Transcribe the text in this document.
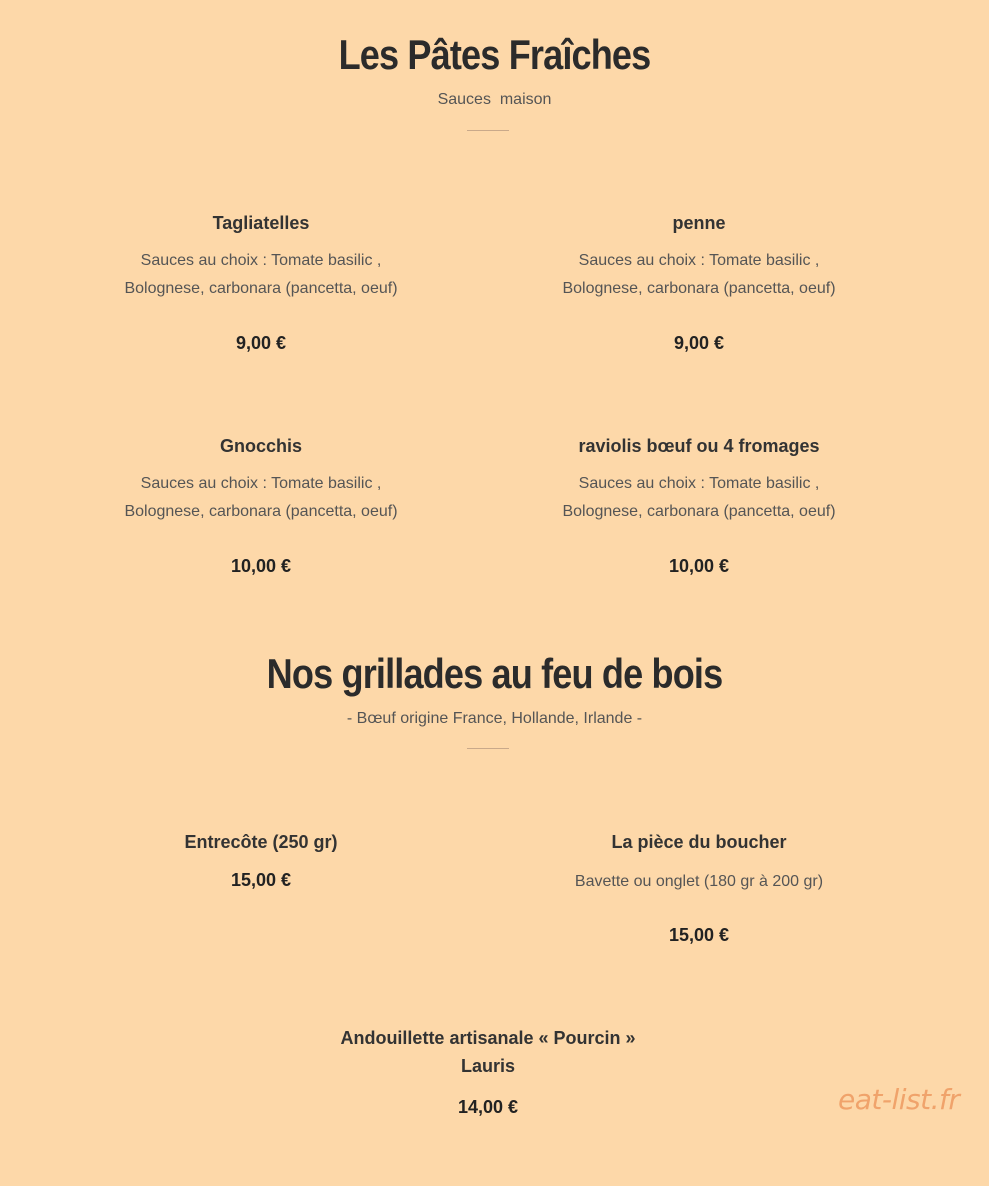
Les Pâtes Fraîches

Sauces  maison

Tagliatelles

Sauces au choix : Tomate basilic ,
Bolognese, carbonara (pancetta, oeuf)

9,00 €

penne

Sauces au choix : Tomate basilic ,
Bolognese, carbonara (pancetta, oeuf)

9,00 €

Gnocchis

Sauces au choix : Tomate basilic ,
Bolognese, carbonara (pancetta, oeuf)

10,00 €

raviolis bœuf ou 4 fromages

Sauces au choix : Tomate basilic ,
Bolognese, carbonara (pancetta, oeuf)

10,00 €

Nos grillades au feu de bois

- Bœuf origine France, Hollande, Irlande -

Entrecôte (250 gr)

15,00 €

La pièce du boucher

Bavette ou onglet (180 gr à 200 gr)

15,00 €

Andouillette artisanale « Pourcin » Lauris

14,00 €	eat-list.fr
